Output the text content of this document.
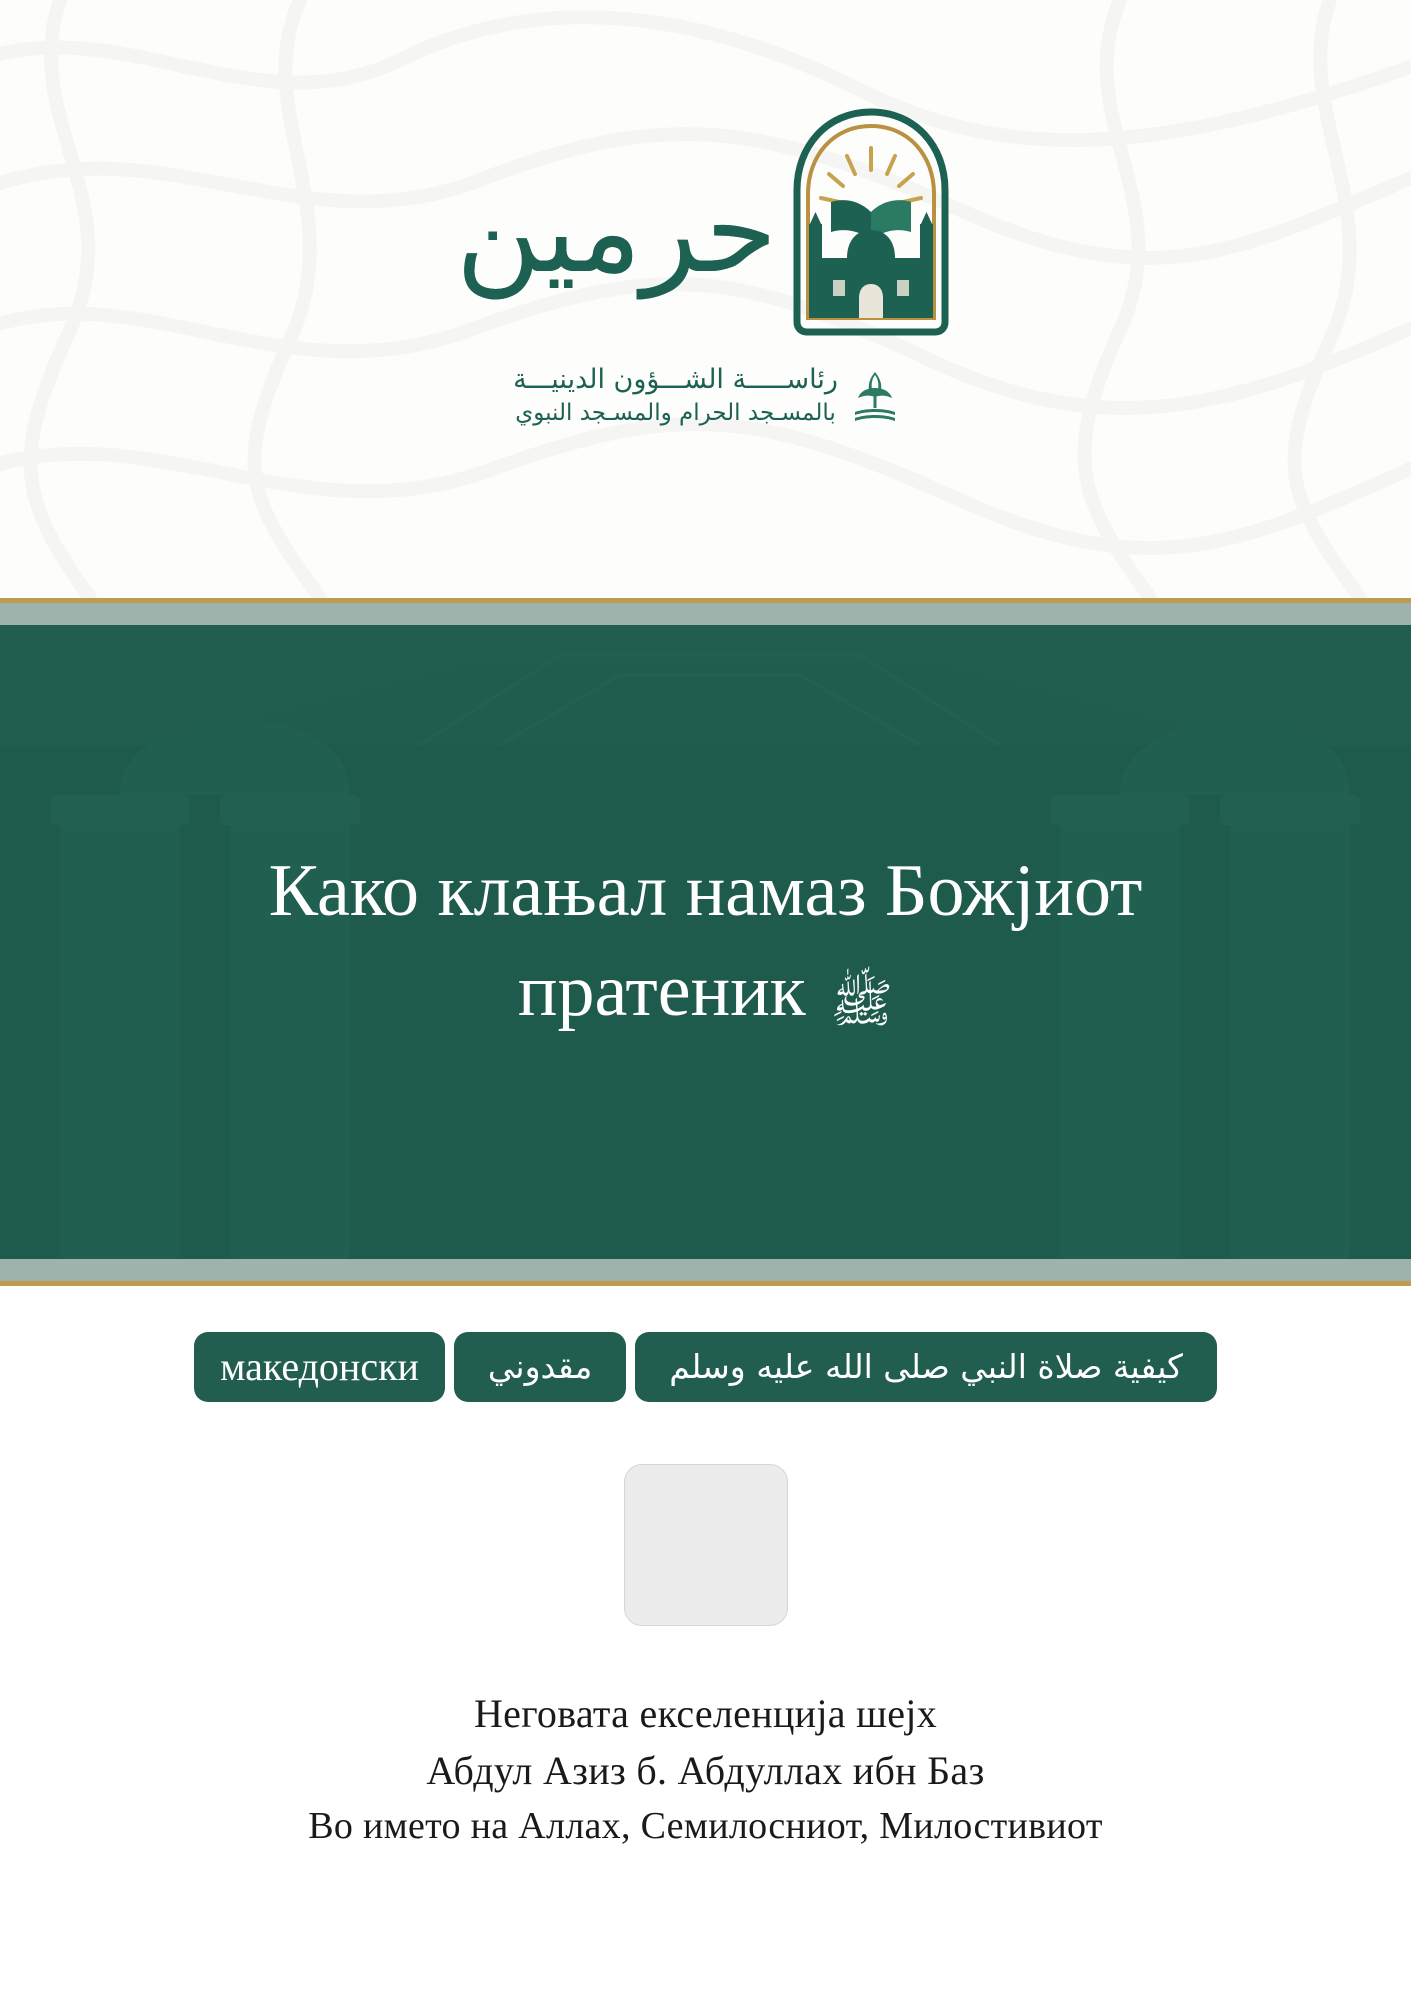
حرمين
رئاســـــة الشـــؤون الدينيـــة
بالمسـجد الحرام والمسـجد النبوي
Како клањал намаз Божјиот пратеник ﷺ
македонски	مقدوني	كيفية صلاة النبي صلى الله عليه وسلم
Неговата екселенција шејх
Абдул Азиз б. Абдуллах ибн Баз
Во името на Аллах, Семилосниот, Милостивиот
